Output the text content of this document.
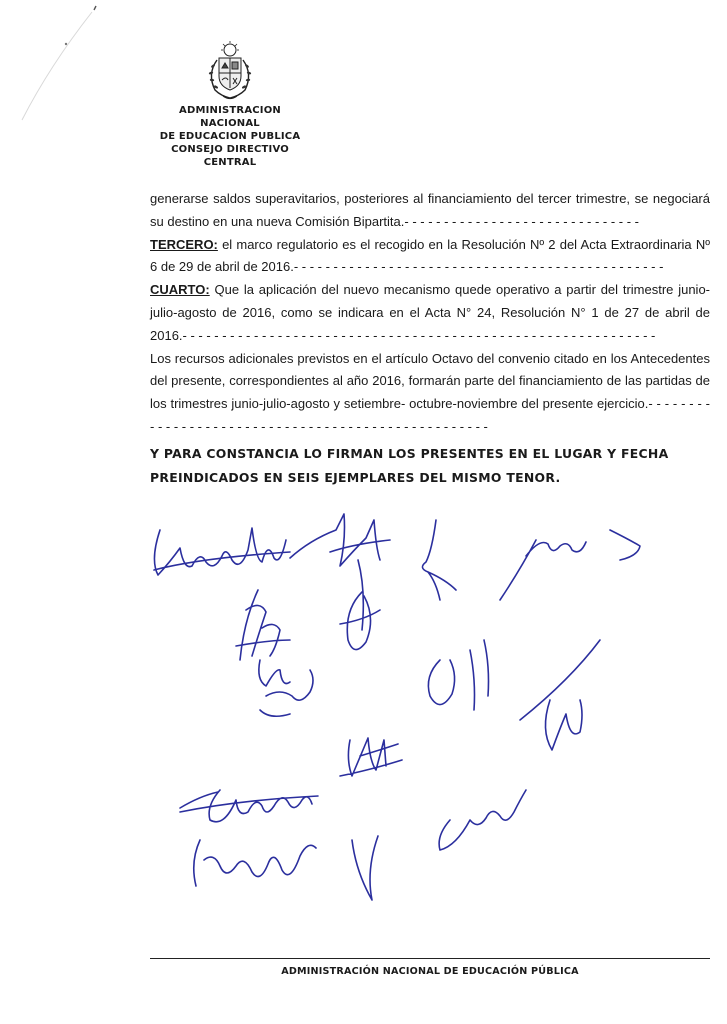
ADMINISTRACION
NACIONAL
DE EDUCACION PUBLICA
CONSEJO DIRECTIVO
CENTRAL

generarse saldos superavitarios, posteriores al financiamiento del tercer trimestre, se negociará su destino en una nueva Comisión Bipartita.- - - - - - - - - - - - - - - - - - - - - - - - - - - - - -

TERCERO: el marco regulatorio es el recogido en la Resolución Nº 2 del Acta Extraordinaria Nº 6 de 29 de abril de 2016.- - - - - - - - - - - - - - - - - - - - - - - - - - - - - - - - - - - - - - - - - - - - - - -

CUARTO: Que la aplicación del nuevo mecanismo quede operativo a partir del trimestre junio- julio-agosto de 2016, como se indicara en el Acta N° 24, Resolución N° 1 de 27 de abril de 2016.- - - - - - - - - - - - - - - - - - - - - - - - - - - - - - - - - - - - - - - - - - - - - - - - - - - - - - - - - - - -

Los recursos adicionales previstos en el artículo Octavo del convenio citado en los Antecedentes del presente, correspondientes al año 2016, formarán parte del financiamiento de las partidas de los trimestres junio-julio-agosto y setiembre- octubre-noviembre del presente ejercicio.- - - - - - - - - - - - - - - - - - - - - - - - - - - - - - - - - - - - - - - - - - - - - - - - - - -

Y PARA CONSTANCIA LO FIRMAN LOS PRESENTES EN EL LUGAR Y FECHA
PREINDICADOS EN SEIS EJEMPLARES DEL MISMO TENOR.

ADMINISTRACIÓN NACIONAL DE EDUCACIÓN PÚBLICA
